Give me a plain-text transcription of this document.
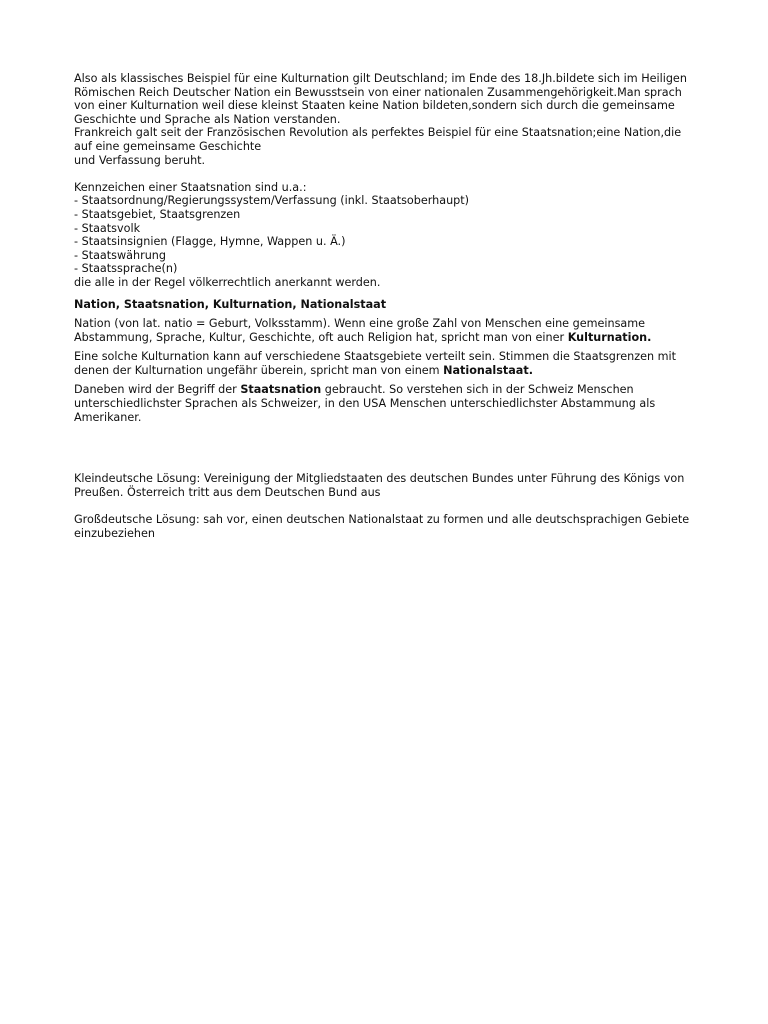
Also als klassisches Beispiel für eine Kulturnation gilt Deutschland; im Ende des 18.Jh.bildete sich im Heiligen Römischen Reich Deutscher Nation ein Bewusstsein von einer nationalen Zusammengehörigkeit.Man sprach von einer Kulturnation weil diese kleinst Staaten keine Nation bildeten,sondern sich durch die gemeinsame Geschichte und Sprache als Nation verstanden.

Frankreich galt seit der Französischen Revolution als perfektes Beispiel für eine Staatsnation;eine Nation,die auf eine gemeinsame Geschichte

und Verfassung beruht.

Kennzeichen einer Staatsnation sind u.a.:

- Staatsordnung/Regierungssystem/Verfassung (inkl. Staatsoberhaupt)

- Staatsgebiet, Staatsgrenzen

- Staatsvolk

- Staatsinsignien (Flagge, Hymne, Wappen u. Ä.)

- Staatswährung

- Staatssprache(n)

die alle in der Regel völkerrechtlich anerkannt werden.

Nation, Staatsnation, Kulturnation, Nationalstaat

Nation (von lat. natio = Geburt, Volksstamm). Wenn eine große Zahl von Menschen eine gemeinsame Abstammung, Sprache, Kultur, Geschichte, oft auch Religion hat, spricht man von einer Kulturnation.

Eine solche Kulturnation kann auf verschiedene Staatsgebiete verteilt sein. Stimmen die Staatsgrenzen mit denen der Kulturnation ungefähr überein, spricht man von einem Nationalstaat.

Daneben wird der Begriff der Staatsnation gebraucht. So verstehen sich in der Schweiz Menschen unterschiedlichster Sprachen als Schweizer, in den USA Menschen unterschiedlichster Abstammung als Amerikaner.

Kleindeutsche Lösung: Vereinigung der Mitgliedstaaten des deutschen Bundes unter Führung des Königs von Preußen. Österreich tritt aus dem Deutschen Bund aus

Großdeutsche Lösung: sah vor, einen deutschen Nationalstaat zu formen und alle deutschsprachigen Gebiete einzubeziehen
